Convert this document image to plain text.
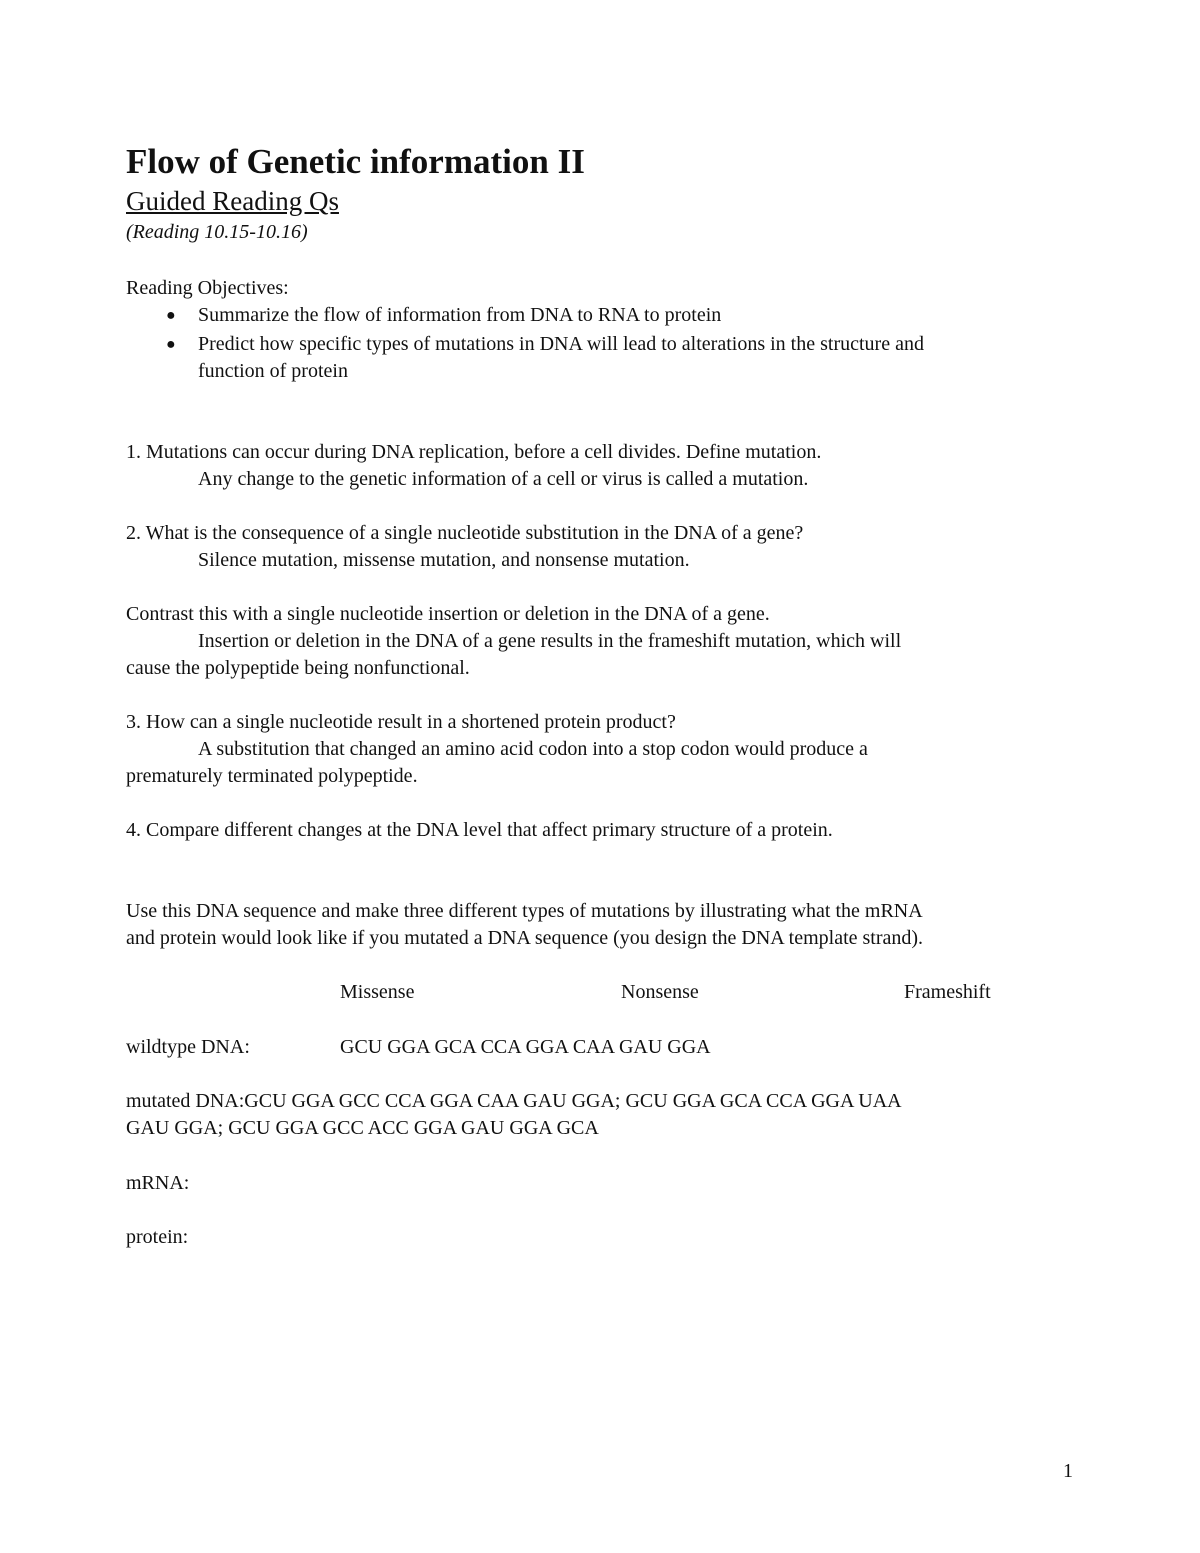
Flow of Genetic information II
Guided Reading Qs
(Reading 10.15-10.16)
Reading Objectives:
● Summarize the flow of information from DNA to RNA to protein
● Predict how specific types of mutations in DNA will lead to alterations in the structure and
function of protein
1. Mutations can occur during DNA replication, before a cell divides. Define mutation.
Any change to the genetic information of a cell or virus is called a mutation.
2. What is the consequence of a single nucleotide substitution in the DNA of a gene?
Silence mutation, missense mutation, and nonsense mutation.
Contrast this with a single nucleotide insertion or deletion in the DNA of a gene.
Insertion or deletion in the DNA of a gene results in the frameshift mutation, which will
cause the polypeptide being nonfunctional.
3. How can a single nucleotide result in a shortened protein product?
A substitution that changed an amino acid codon into a stop codon would produce a
prematurely terminated polypeptide.
4. Compare different changes at the DNA level that affect primary structure of a protein.
Use this DNA sequence and make three different types of mutations by illustrating what the mRNA
and protein would look like if you mutated a DNA sequence (you design the DNA template strand).
Missense	Nonsense	Frameshift
wildtype DNA:	GCU GGA GCA CCA GGA CAA GAU GGA
mutated DNA:GCU GGA GCC CCA GGA CAA GAU GGA; GCU GGA GCA CCA GGA UAA
GAU GGA; GCU GGA GCC ACC GGA GAU GGA GCA
mRNA:
protein:
1
